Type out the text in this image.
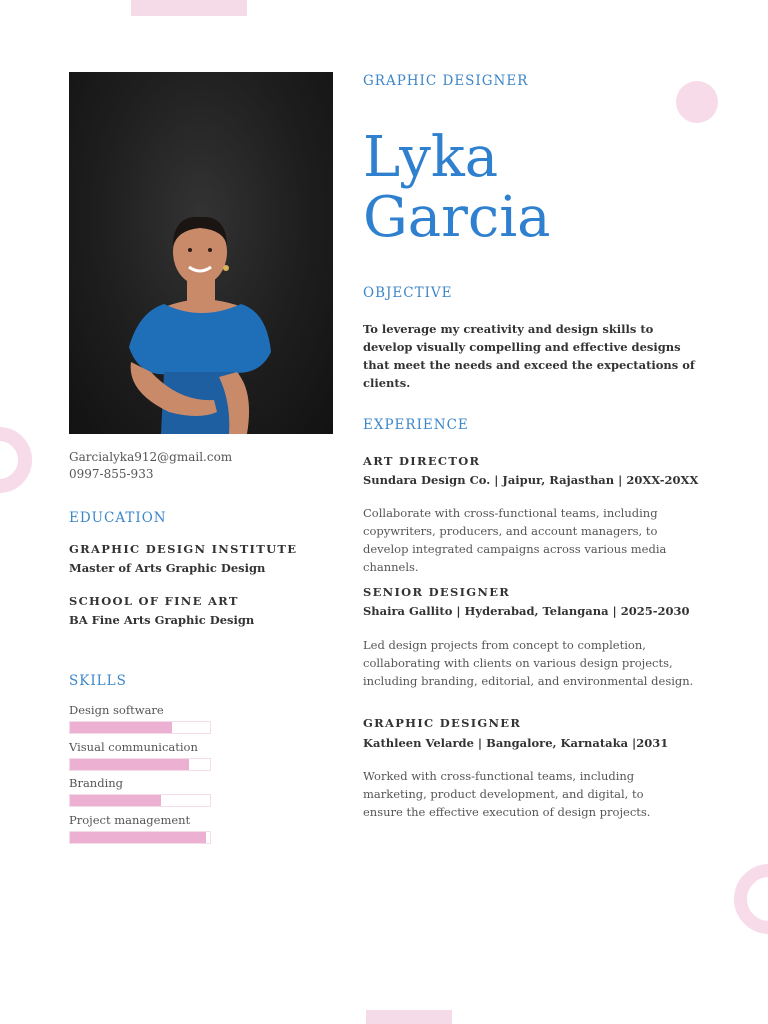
Garcialyka912@gmail.com
0997-855-933
EDUCATION
GRAPHIC DESIGN INSTITUTE
Master of Arts Graphic Design
SCHOOL OF FINE ART
BA Fine Arts Graphic Design
SKILLS
Design software
Visual communication
Branding
Project management
GRAPHIC DESIGNER
Lyka
Garcia
OBJECTIVE
To leverage my creativity and design skills to develop visually compelling and effective designs that meet the needs and exceed the expectations of clients.
EXPERIENCE
ART DIRECTOR
Sundara Design Co. | Jaipur, Rajasthan | 20XX-20XX
Collaborate with cross-functional teams, including copywriters, producers, and account managers, to develop integrated campaigns across various media channels.
SENIOR DESIGNER
Shaira Gallito | Hyderabad, Telangana | 2025-2030
Led design projects from concept to completion, collaborating with clients on various design projects, including branding, editorial, and environmental design.
GRAPHIC DESIGNER
Kathleen Velarde | Bangalore, Karnataka |2031
Worked with cross-functional teams, including marketing, product development, and digital, to ensure the effective execution of design projects.
